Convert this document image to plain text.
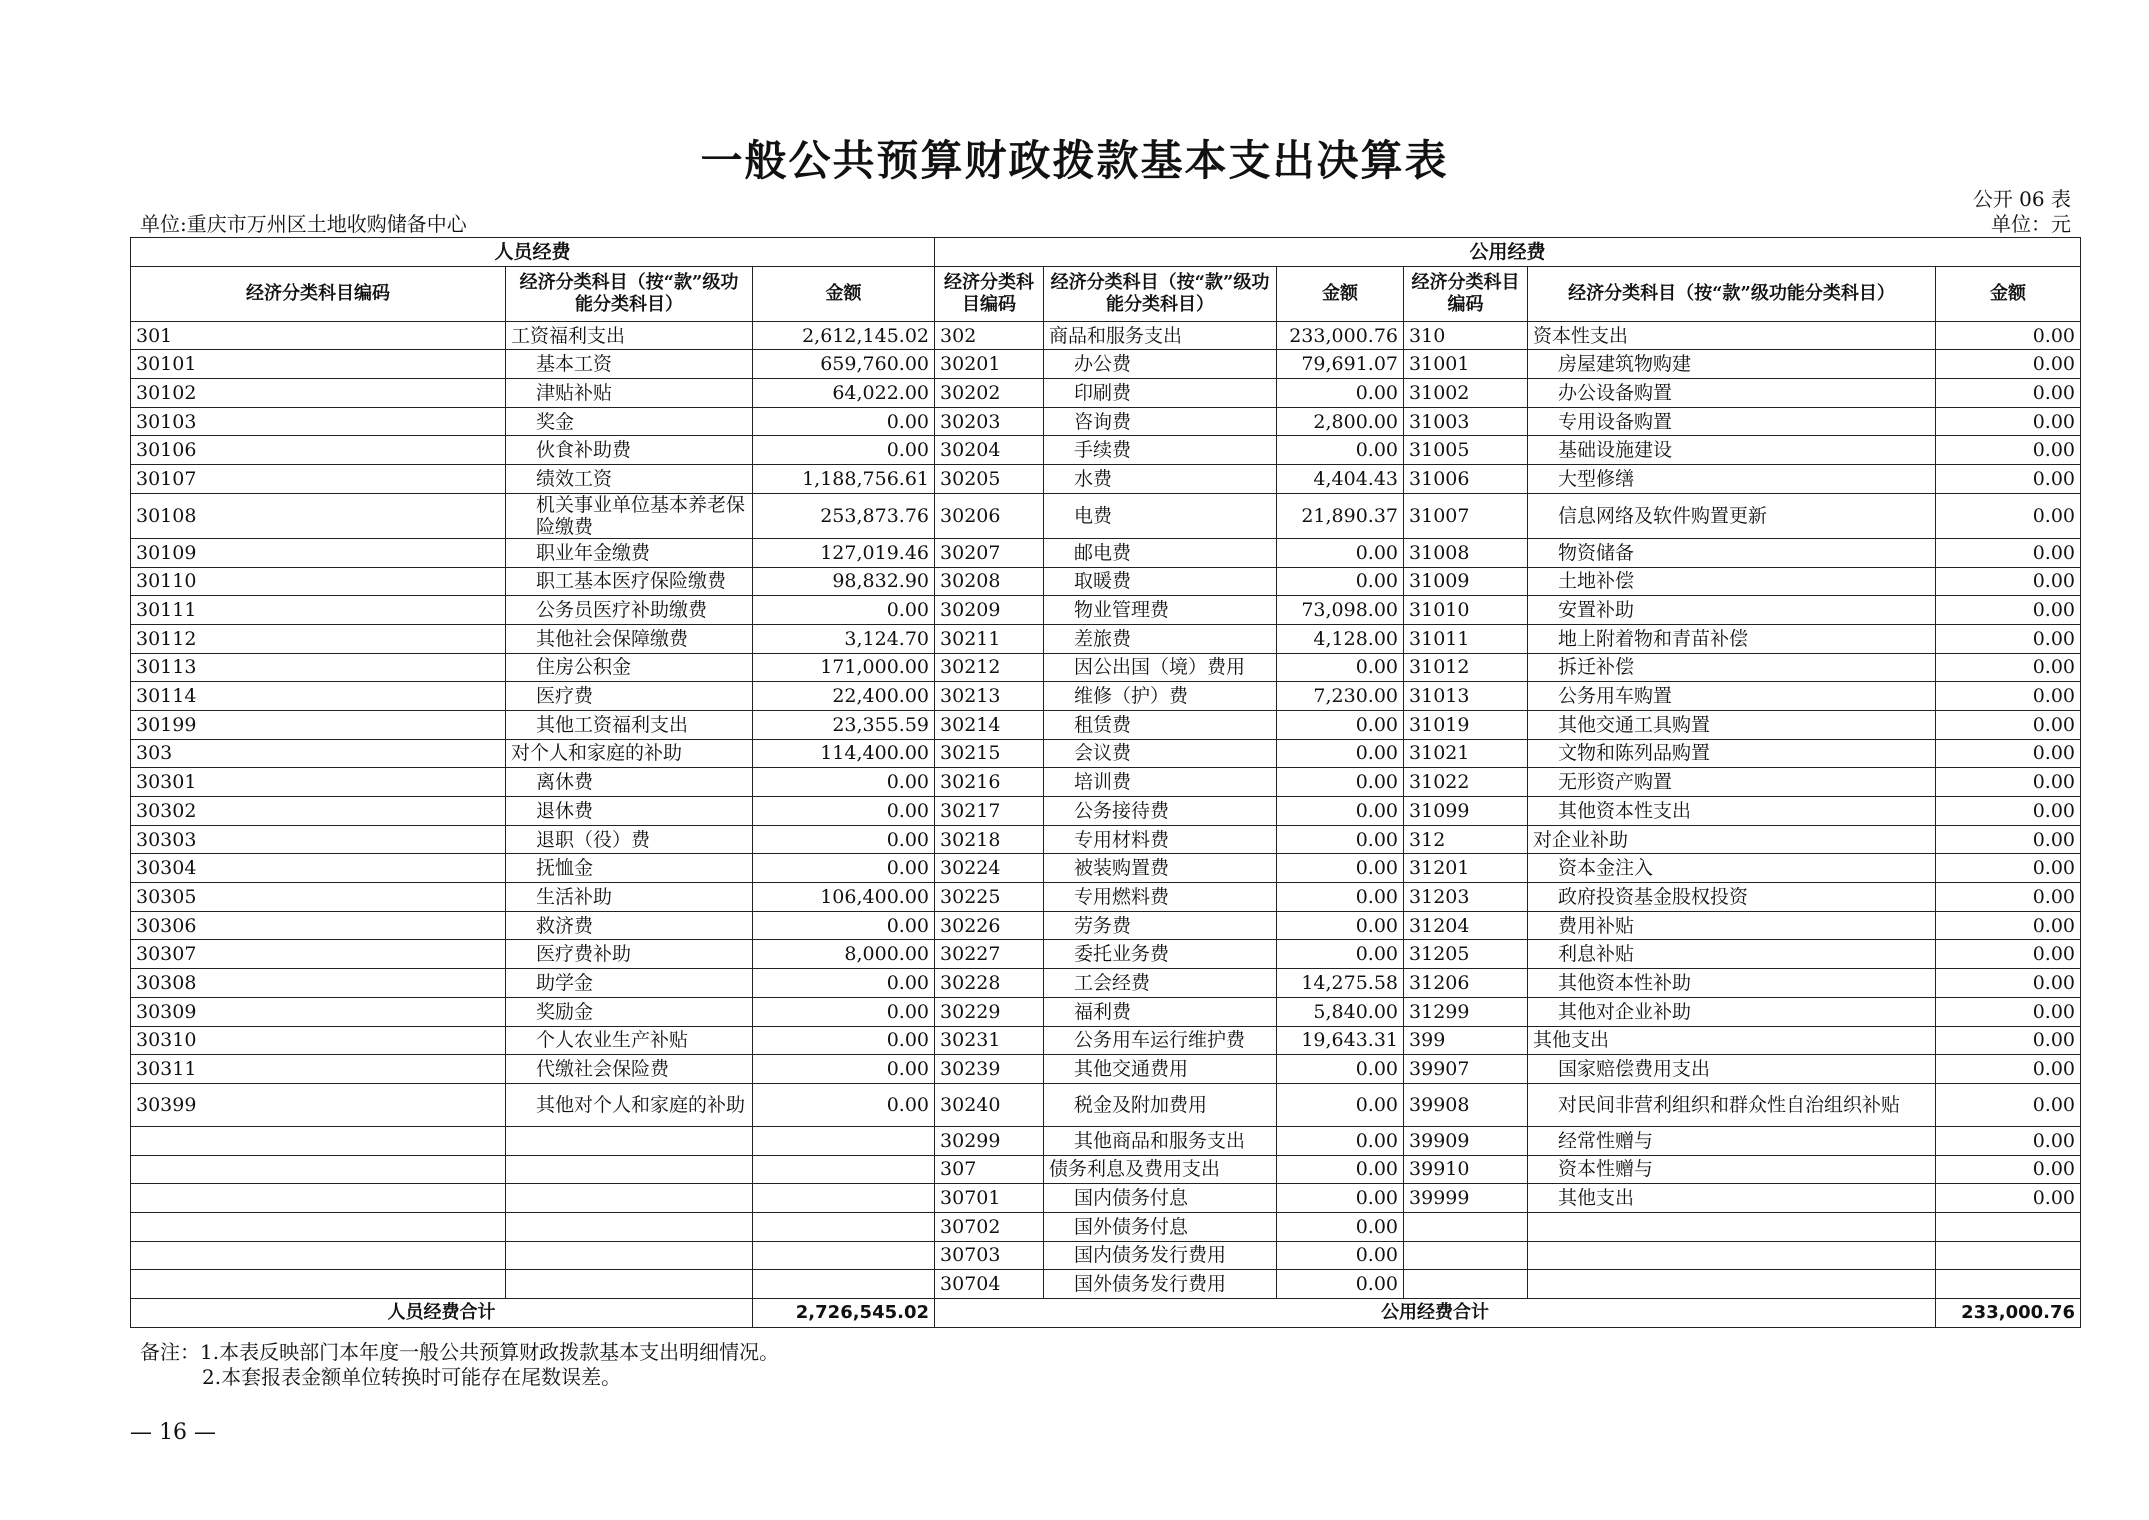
一般公共预算财政拨款基本支出决算表
公开 06 表
单位:重庆市万州区土地收购储备中心	单位：元
人员经费			公用经费					
经济分类科目编码	经济分类科目（按“款”级功能分类科目）	金额	经济分类科目编码	经济分类科目（按“款”级功能分类科目）	金额	经济分类科目编码	经济分类科目（按“款”级功能分类科目）	金额
301	工资福利支出	2,612,145.02	302	商品和服务支出	233,000.76	310	资本性支出	0.00
30101	基本工资	659,760.00	30201	办公费	79,691.07	31001	房屋建筑物购建	0.00
30102	津贴补贴	64,022.00	30202	印刷费	0.00	31002	办公设备购置	0.00
30103	奖金	0.00	30203	咨询费	2,800.00	31003	专用设备购置	0.00
30106	伙食补助费	0.00	30204	手续费	0.00	31005	基础设施建设	0.00
30107	绩效工资	1,188,756.61	30205	水费	4,404.43	31006	大型修缮	0.00
30108	机关事业单位基本养老保险缴费	253,873.76	30206	电费	21,890.37	31007	信息网络及软件购置更新	0.00
30109	职业年金缴费	127,019.46	30207	邮电费	0.00	31008	物资储备	0.00
30110	职工基本医疗保险缴费	98,832.90	30208	取暖费	0.00	31009	土地补偿	0.00
30111	公务员医疗补助缴费	0.00	30209	物业管理费	73,098.00	31010	安置补助	0.00
30112	其他社会保障缴费	3,124.70	30211	差旅费	4,128.00	31011	地上附着物和青苗补偿	0.00
30113	住房公积金	171,000.00	30212	因公出国（境）费用	0.00	31012	拆迁补偿	0.00
30114	医疗费	22,400.00	30213	维修（护）费	7,230.00	31013	公务用车购置	0.00
30199	其他工资福利支出	23,355.59	30214	租赁费	0.00	31019	其他交通工具购置	0.00
303	对个人和家庭的补助	114,400.00	30215	会议费	0.00	31021	文物和陈列品购置	0.00
30301	离休费	0.00	30216	培训费	0.00	31022	无形资产购置	0.00
30302	退休费	0.00	30217	公务接待费	0.00	31099	其他资本性支出	0.00
30303	退职（役）费	0.00	30218	专用材料费	0.00	312	对企业补助	0.00
30304	抚恤金	0.00	30224	被装购置费	0.00	31201	资本金注入	0.00
30305	生活补助	106,400.00	30225	专用燃料费	0.00	31203	政府投资基金股权投资	0.00
30306	救济费	0.00	30226	劳务费	0.00	31204	费用补贴	0.00
30307	医疗费补助	8,000.00	30227	委托业务费	0.00	31205	利息补贴	0.00
30308	助学金	0.00	30228	工会经费	14,275.58	31206	其他资本性补助	0.00
30309	奖励金	0.00	30229	福利费	5,840.00	31299	其他对企业补助	0.00
30310	个人农业生产补贴	0.00	30231	公务用车运行维护费	19,643.31	399	其他支出	0.00
30311	代缴社会保险费	0.00	30239	其他交通费用	0.00	39907	国家赔偿费用支出	0.00
30399	其他对个人和家庭的补助	0.00	30240	税金及附加费用	0.00	39908	对民间非营利组织和群众性自治组织补贴	0.00
			30299	其他商品和服务支出	0.00	39909	经常性赠与	0.00
			307	债务利息及费用支出	0.00	39910	资本性赠与	0.00
			30701	国内债务付息	0.00	39999	其他支出	0.00
			30702	国外债务付息	0.00			
			30703	国内债务发行费用	0.00			
			30704	国外债务发行费用	0.00			
人员经费合计		2,726,545.02	公用经费合计					233,000.76
备注：1.本表反映部门本年度一般公共预算财政拨款基本支出明细情况。
2.本套报表金额单位转换时可能存在尾数误差。
— 16 —
